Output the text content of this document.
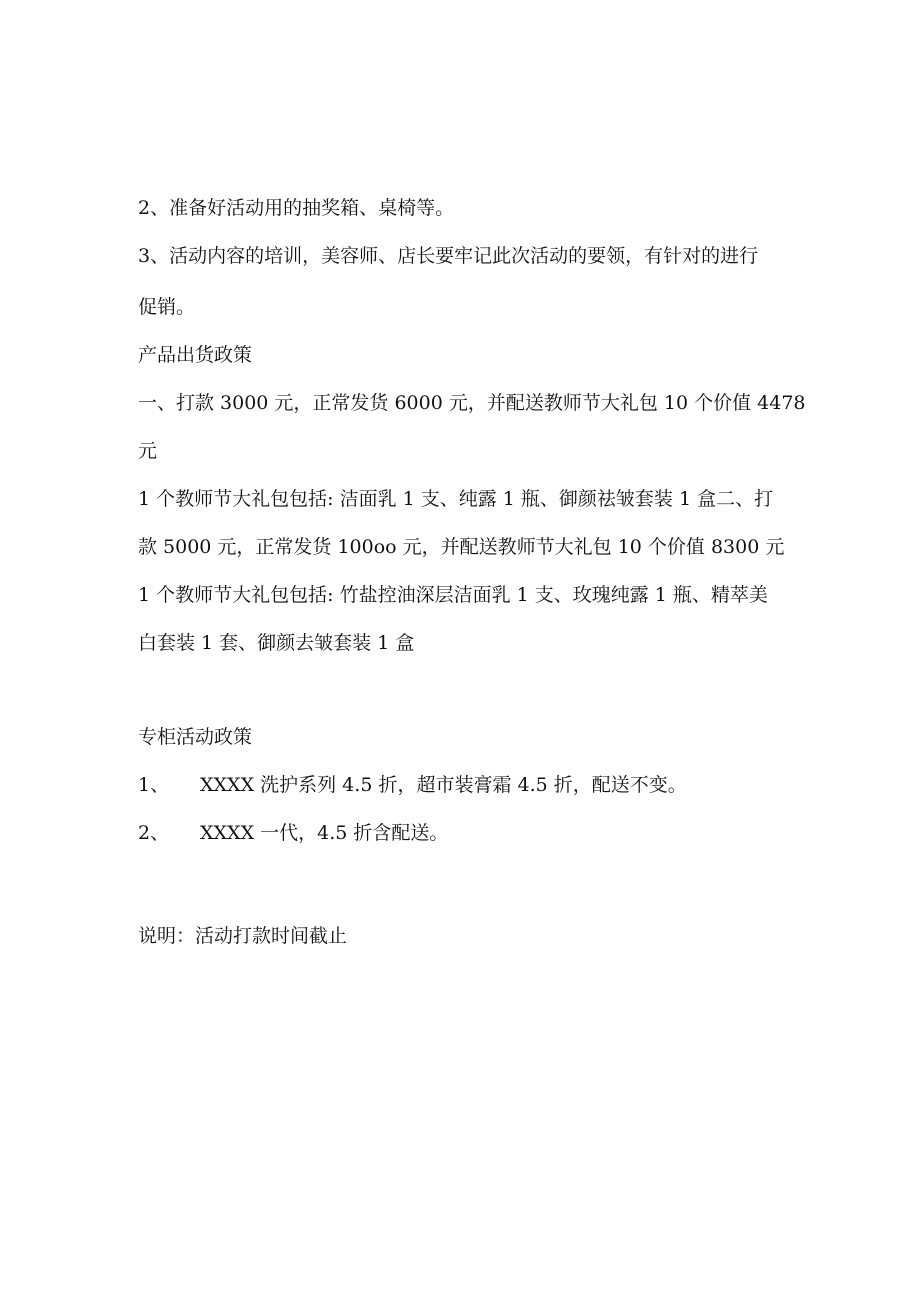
2、准备好活动用的抽奖箱、桌椅等。
3、活动内容的培训，美容师、店长要牢记此次活动的要领，有针对的进行
促销。
产品出货政策
一、打款 3000 元，正常发货 6000 元，并配送教师节大礼包 10 个价值 4478
元
1 个教师节大礼包包括: 洁面乳 1 支、纯露 1 瓶、御颜祛皱套装 1 盒二、打
款 5000 元，正常发货 100oo 元，并配送教师节大礼包 10 个价值 8300 元
1 个教师节大礼包包括: 竹盐控油深层洁面乳 1 支、玫瑰纯露 1 瓶、精萃美
白套装 1 套、御颜去皱套装 1 盒
专柜活动政策
1、 XXXX 洗护系列 4.5 折，超市装膏霜 4.5 折，配送不变。
2、 XXXX 一代，4.5 折含配送。
说明：活动打款时间截止
